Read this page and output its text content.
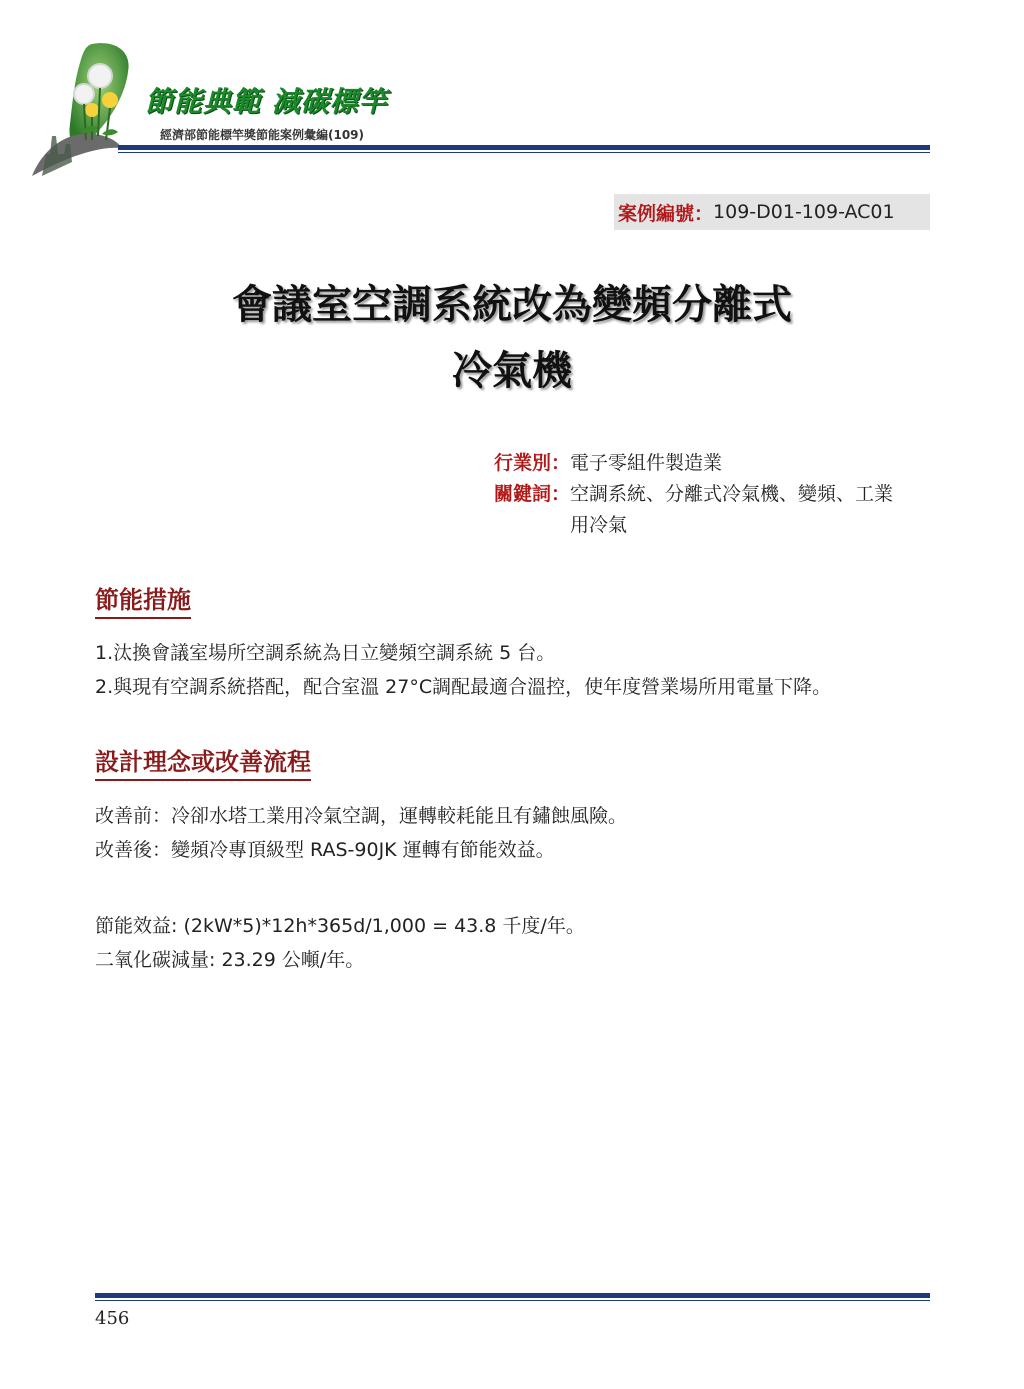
節能典範 減碳標竿
經濟部節能標竿獎節能案例彙編(109)
案例編號： 109-D01-109-AC01
會議室空調系統改為變頻分離式
冷氣機
行業別： 電子零組件製造業
關鍵詞： 空調系統、分離式冷氣機、變頻、工業用冷氣
節能措施
1.汰換會議室場所空調系統為日立變頻空調系統 5 台。
2.與現有空調系統搭配，配合室溫 27°C調配最適合溫控，使年度營業場所用電量下降。
設計理念或改善流程
改善前：冷卻水塔工業用冷氣空調，運轉較耗能且有鏽蝕風險。
改善後：變頻冷專頂級型 RAS-90JK 運轉有節能效益。
節能效益: (2kW*5)*12h*365d/1,000 = 43.8 千度/年。
二氧化碳減量: 23.29 公噸/年。
456
